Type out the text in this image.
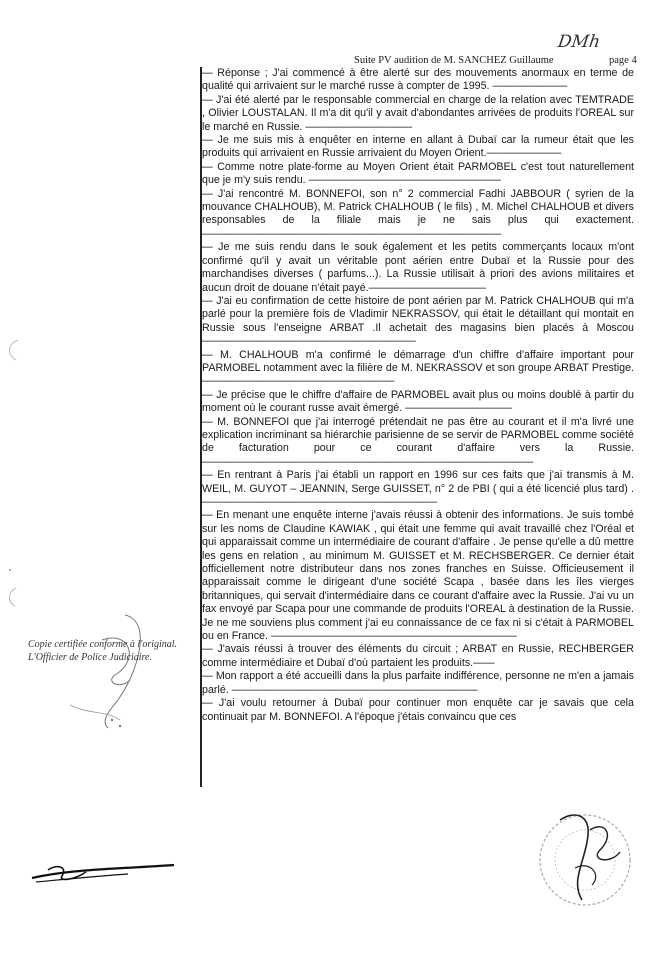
Suite PV audition de M. SANCHEZ Guillaume	page 4
DMh

— Réponse ; J'ai commencé à être alerté sur des mouvements anormaux en terme de qualité qui arrivaient sur le marché russe à compter de 1995. ———————

— J'ai été alerté par le responsable commercial en charge de la relation avec TEMTRADE , Olivier LOUSTALAN. Il m'a dit qu'il y avait d'abondantes arrivées de produits l'OREAL sur le marché en Russie. ——————————

— Je me suis mis à enquêter en interne en allant à Dubaï car la rumeur était que les produits qui arrivaient en Russie arrivaient du Moyen Orient.———————

— Comme notre plate-forme au Moyen Orient était PARMOBEL c'est tout naturellement que je m'y suis rendu. ——————————————————

— J'ai rencontré M. BONNEFOI, son n° 2 commercial Fadhi JABBOUR ( syrien de la mouvance CHALHOUB), M. Patrick CHALHOUB ( le fils) , M. Michel CHALHOUB et divers responsables de la filiale mais je ne sais plus qui exactement. ————————————————————————————

— Je me suis rendu dans le souk également et les petits commerçants locaux m'ont confirmé qu'il y avait un véritable pont aérien entre Dubaï et la Russie pour des marchandises diverses ( parfums...). La Russie utilisait à priori des avions militaires et aucun droit de douane n'était payé.———————————

— J'ai eu confirmation de cette histoire de pont aérien par M. Patrick CHALHOUB qui m'a parlé pour la première fois de Vladimir NEKRASSOV, qui était le détaillant qui montait en Russie sous l'enseigne ARBAT .Il achetait des magasins bien placés à Moscou ————————————————————

— M. CHALHOUB m'a confirmé le démarrage d'un chiffre d'affaire important pour PARMOBEL notamment avec la filière de M. NEKRASSOV et son groupe ARBAT Prestige. ——————————————————

— Je précise que le chiffre d'affaire de PARMOBEL avait plus ou moins doublé à partir du moment où le courant russe avait émergé. ——————————

— M. BONNEFOI que j'ai interrogé prétendait ne pas être au courant et il m'a livré une explication incriminant sa hiérarchie parisienne de se servir de PARMOBEL comme société de facturation pour ce courant d'affaire vers la Russie. ———————————————————————————————

— En rentrant à Paris j'ai établi un rapport en 1996 sur ces faits que j'ai transmis à M. WEIL, M. GUYOT – JEANNIN, Serge GUISSET, n° 2 de PBI ( qui a été licencié plus tard) . ——————————————————————

— En menant une enquête interne j'avais réussi à obtenir des informations. Je suis tombé sur les noms de Claudine KAWIAK , qui était une femme qui avait travaillé chez l'Oréal et qui apparaissait comme un intermédiaire de courant d'affaire . Je pense qu'elle a dû mettre les gens en relation , au minimum M. GUISSET et M. RECHSBERGER. Ce dernier était officiellement notre distributeur dans nos zones franches en Suisse. Officieusement il apparaissait comme le dirigeant d'une société Scapa , basée dans les îles vierges britanniques, qui servait d'intermédiaire dans ce courant d'affaire avec la Russie. J'ai vu un fax envoyé par Scapa pour une commande de produits l'OREAL à destination de la Russie. Je ne me souviens plus comment j'ai eu connaissance de ce fax ni si c'était à PARMOBEL ou en France. ———————————————————————

— J'avais réussi à trouver des éléments du circuit ; ARBAT en Russie, RECHBERGER comme intermédiaire et Dubaï d'où partaient les produits.——

— Mon rapport a été accueilli dans la plus parfaite indifférence, personne ne m'en a jamais parlé. ———————————————————————

— J'ai voulu retourner à Dubaï pour continuer mon enquête car je savais que cela continuait par M. BONNEFOI. A l'époque j'étais convaincu que ces

Copie certifiée conforme à l'original.
L'Officier de Police Judiciaire.
